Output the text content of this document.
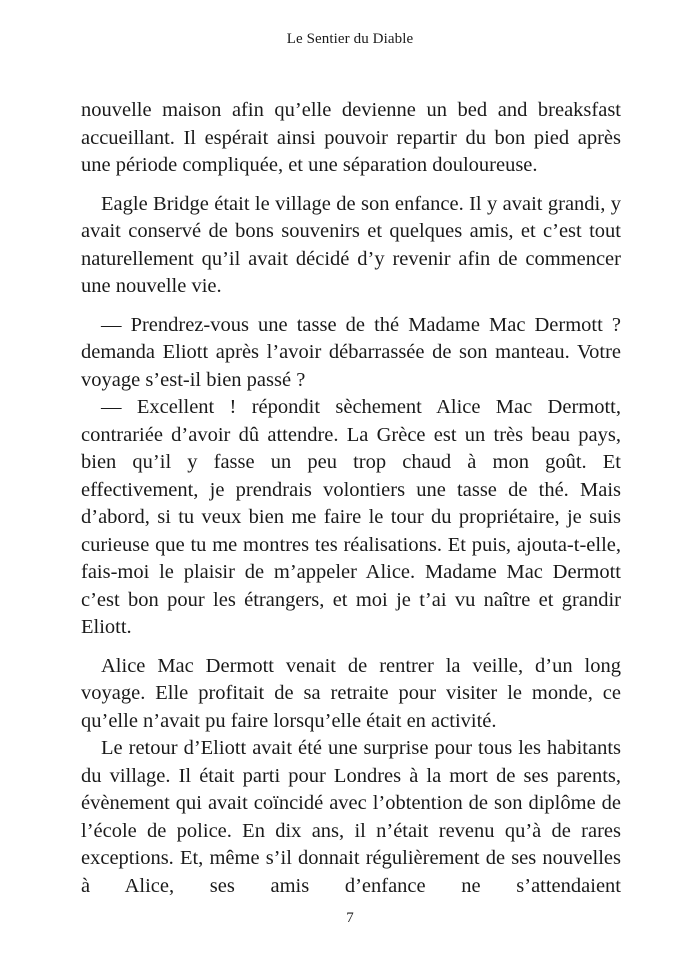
Le Sentier du Diable

nouvelle maison afin qu’elle devienne un bed and breaksfast accueillant. Il espérait ainsi pouvoir repartir du bon pied après une période compliquée, et une séparation douloureuse.

Eagle Bridge était le village de son enfance. Il y avait grandi, y avait conservé de bons souvenirs et quelques amis, et c’est tout naturellement qu’il avait décidé d’y revenir afin de commencer une nouvelle vie.

— Prendrez-vous une tasse de thé Madame Mac Dermott ? demanda Eliott après l’avoir débarrassée de son manteau. Votre voyage s’est-il bien passé ?

— Excellent ! répondit sèchement Alice Mac Dermott, contrariée d’avoir dû attendre. La Grèce est un très beau pays, bien qu’il y fasse un peu trop chaud à mon goût. Et effectivement, je prendrais volontiers une tasse de thé. Mais d’abord, si tu veux bien me faire le tour du propriétaire, je suis curieuse que tu me montres tes réalisations. Et puis, ajouta-t-elle, fais-moi le plaisir de m’appeler Alice. Madame Mac Dermott c’est bon pour les étrangers, et moi je t’ai vu naître et grandir Eliott.

Alice Mac Dermott venait de rentrer la veille, d’un long voyage. Elle profitait de sa retraite pour visiter le monde, ce qu’elle n’avait pu faire lorsqu’elle était en activité.

Le retour d’Eliott avait été une surprise pour tous les habitants du village. Il était parti pour Londres à la mort de ses parents, évènement qui avait coïncidé avec l’obtention de son diplôme de l’école de police. En dix ans, il n’était revenu qu’à de rares exceptions. Et, même s’il donnait régulièrement de ses nouvelles à Alice, ses amis d’enfance ne s’attendaient

7
